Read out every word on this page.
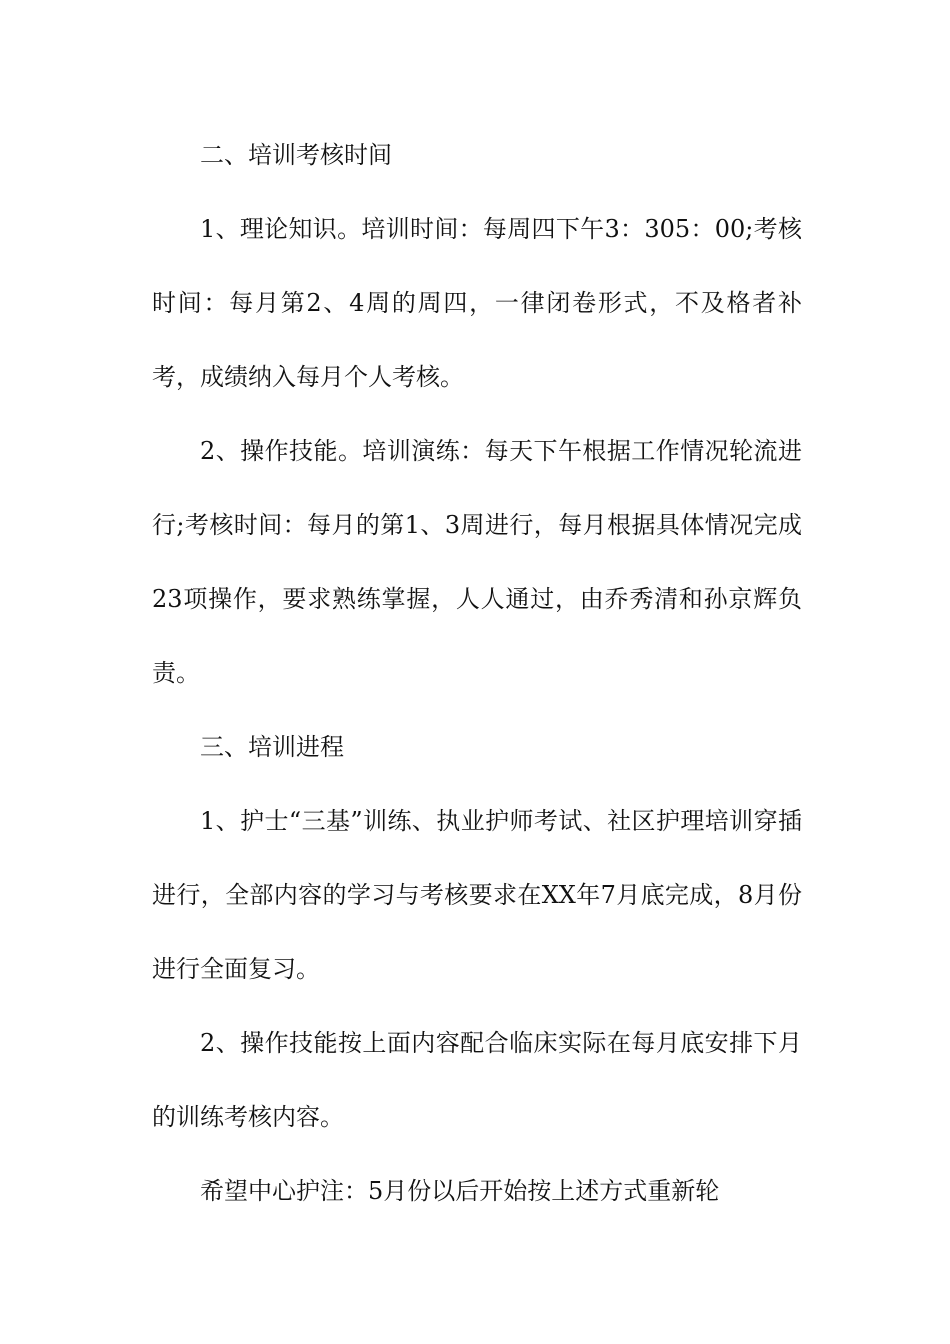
二、培训考核时间

1、理论知识。培训时间：每周四下午3：305：00;考核时间：每月第2、4周的周四，一律闭卷形式，不及格者补考，成绩纳入每月个人考核。

2、操作技能。培训演练：每天下午根据工作情况轮流进行;考核时间：每月的第1、3周进行，每月根据具体情况完成23项操作，要求熟练掌握，人人通过，由乔秀清和孙京辉负责。

三、培训进程

1、护士“三基”训练、执业护师考试、社区护理培训穿插进行，全部内容的学习与考核要求在XX年7月底完成，8月份进行全面复习。

2、操作技能按上面内容配合临床实际在每月底安排下月的训练考核内容。

希望中心护注：5月份以后开始按上述方式重新轮
